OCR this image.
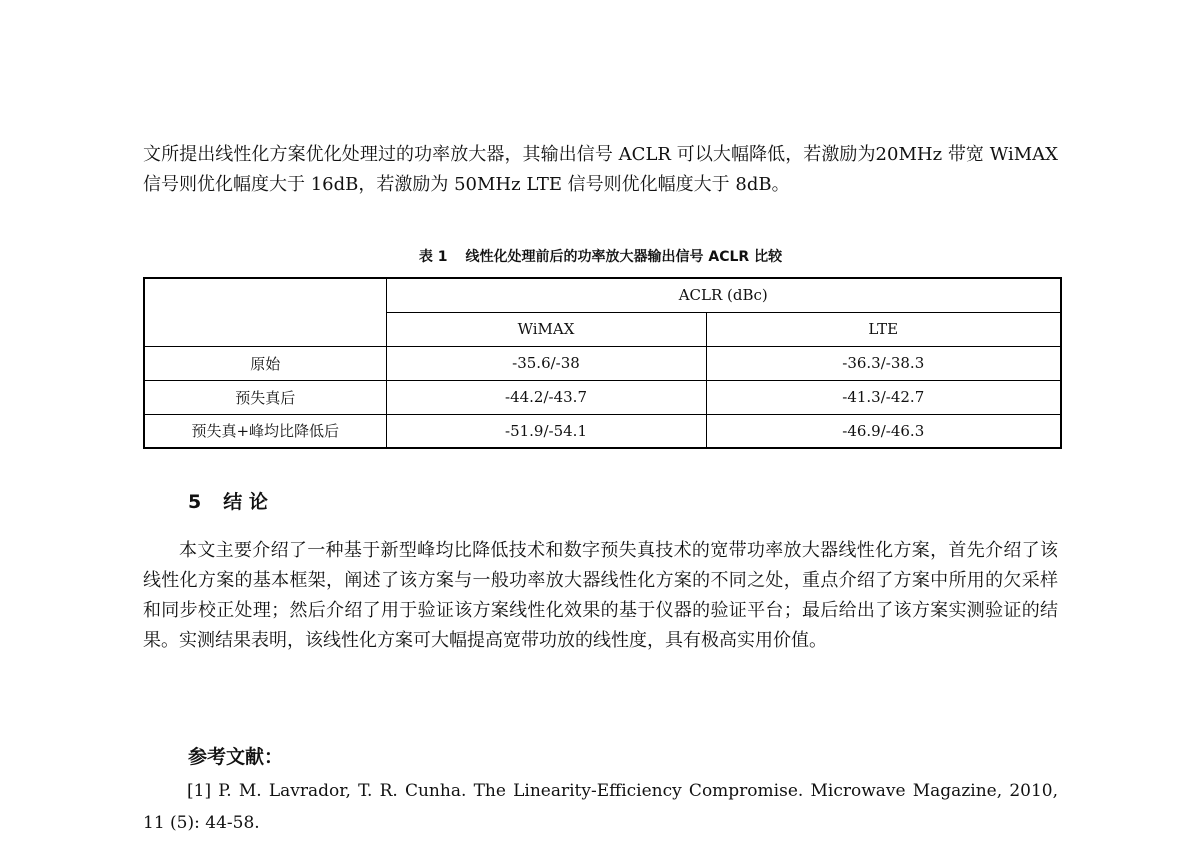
文所提出线性化方案优化处理过的功率放大器，其输出信号 ACLR 可以大幅降低，若激励为20MHz 带宽 WiMAX 信号则优化幅度大于 16dB，若激励为 50MHz LTE 信号则优化幅度大于 8dB。

表 1 线性化处理前后的功率放大器输出信号 ACLR 比较
	ACLR (dBc)	
	WiMAX	LTE
原始	-35.6/-38	-36.3/-38.3
预失真后	-44.2/-43.7	-41.3/-42.7
预失真+峰均比降低后	-51.9/-54.1	-46.9/-46.3
5 结 论

本文主要介绍了一种基于新型峰均比降低技术和数字预失真技术的宽带功率放大器线性化方案，首先介绍了该线性化方案的基本框架，阐述了该方案与一般功率放大器线性化方案的不同之处，重点介绍了方案中所用的欠采样和同步校正处理；然后介绍了用于验证该方案线性化效果的基于仪器的验证平台；最后给出了该方案实测验证的结果。实测结果表明，该线性化方案可大幅提高宽带功放的线性度，具有极高实用价值。

参考文献：

[1] P. M. Lavrador, T. R. Cunha. The Linearity-Efficiency Compromise. Microwave Magazine, 2010, 11 (5): 44-58.
